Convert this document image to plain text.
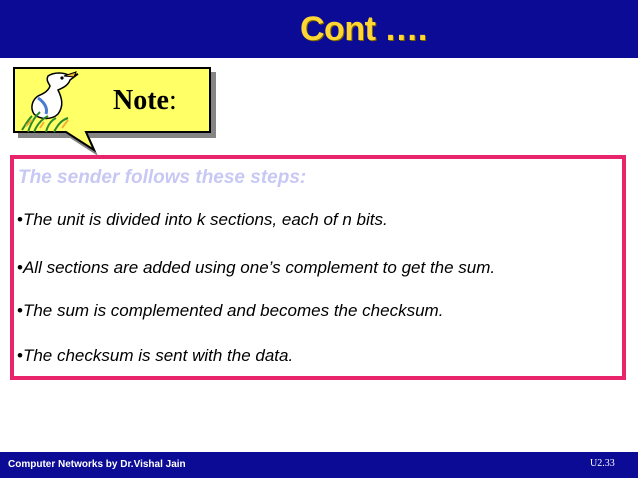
Cont ….
Note:
The sender follows these steps:
•The unit is divided into k sections, each of n bits.
•All sections are added using one’s complement to get the sum.
•The sum is complemented and becomes the checksum.
•The checksum is sent with the data.
Computer Networks by Dr.Vishal Jain	U2.33
